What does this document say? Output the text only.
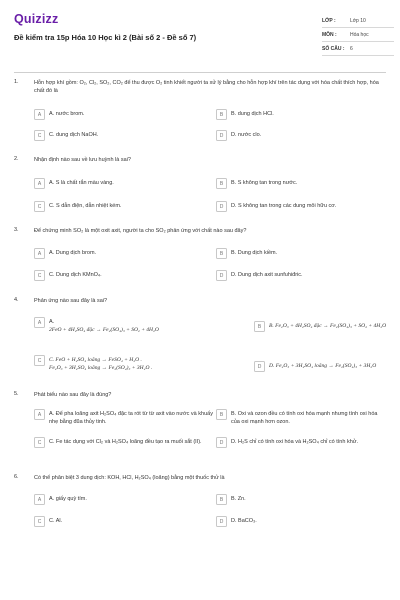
Quizizz
Đề kiểm tra 15p Hóa 10 Học kì 2 (Bài số 2 - Đề số 7)
LỚP :	Lớp 10
MÔN :	Hóa học
SỐ CÂU :	6
1.	Hỗn hợp khí gồm: O₂, Cl₂, SO₂, CO₂ để thu được O₂ tinh khiết người ta xử lý bằng cho hỗn hợp khí trên tác dụng với hóa chất thích hợp, hóa chất đó là
A	A. nước brom.	B	B. dung dịch HCl.
C	C. dung dịch NaOH.	D	D. nước clo.
2.	Nhận định nào sau về lưu huỳnh là sai?
A	A. S là chất rắn màu vàng.	B	B. S không tan trong nước.
C	C. S dẫn điện, dẫn nhiệt kém.	D	D. S không tan trong các dung môi hữu cơ.
3.	Để chứng minh SO₂ là một oxit axit, người ta cho SO₂ phản ứng với chất nào sau đây?
A	A. Dung dịch brom.	B	B. Dung dịch kiềm.
C	C. Dung dịch KMnO₄.	D	D. Dung dịch axit sunfuhiđric.
4.	Phản ứng nào sau đây là sai?
A	A.
2FeO + 4H₂SO₄ đặc → Fe₂(SO₄)₃ + SO₂ + 4H₂O
B	B. Fe₂O₃ + 4H₂SO₄ đặc → Fe₂(SO₄)₃ + SO₂ + 4H₂O
C	C. FeO + H₂SO₄ loãng → FeSO₄ + H₂O .
Fe₂O₃ + 3H₂SO₄ loãng → Fe₂(SO₄)₃ + 3H₂O .	D	D. Fe₂O₃ + 3H₂SO₄ loãng → Fe₂(SO₄)₃ + 3H₂O
5.	Phát biểu nào sau đây là đúng?
A	A. Để pha loãng axit H₂SO₄ đặc ta rót từ từ axit vào nước và khuấy nhẹ bằng đũa thủy tinh.
B	B. Oxi và ozon đều có tính oxi hóa mạnh nhưng tính oxi hóa của oxi mạnh hơn ozon.
C	C. Fe tác dụng với Cl₂ và H₂SO₄ loãng đều tạo ra muối sắt (II).	D	D. H₂S chỉ có tính oxi hóa và H₂SO₄ chỉ có tính khử.
6.	Có thể phân biệt 3 dung dịch: KOH, HCl, H₂SO₄ (loãng) bằng một thuốc thử là
A	A. giấy quỳ tím.	B	B. Zn.
C	C. Al.	D	D. BaCO₃.
